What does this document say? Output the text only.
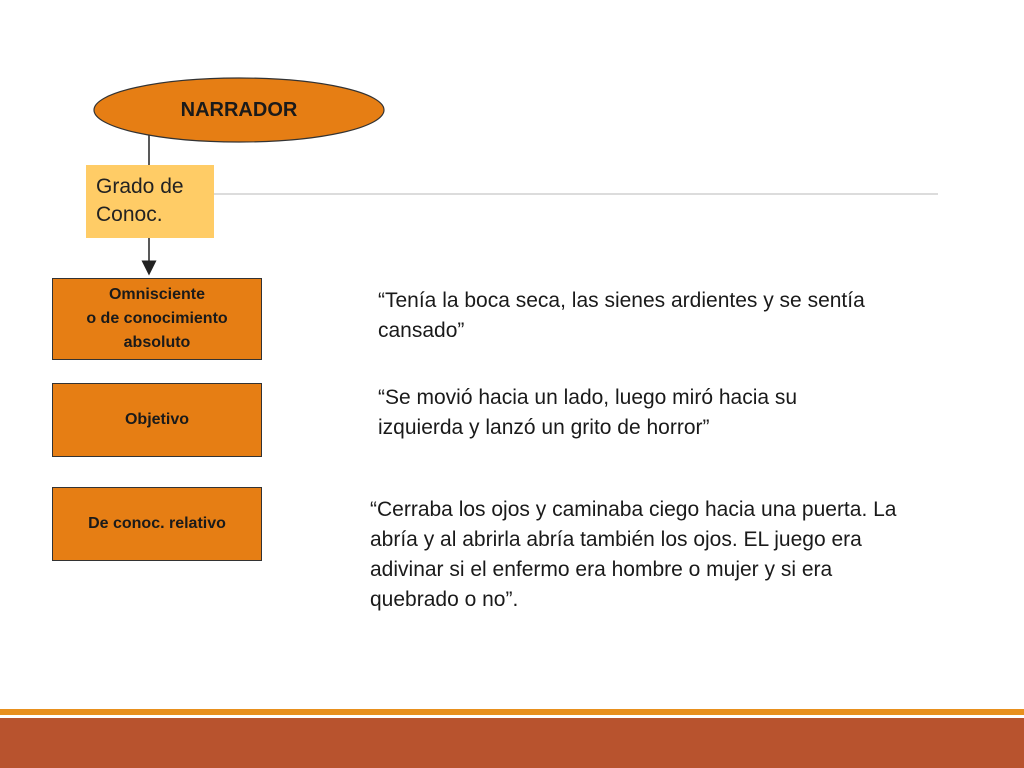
NARRADOR
Grado de Conoc.
Omnisciente
o de conocimiento
absoluto
Objetivo
De conoc. relativo
“Tenía la boca seca, las sienes ardientes y se sentía cansado”
“Se movió hacia un lado, luego miró hacia su izquierda y lanzó un grito de horror”
“Cerraba los ojos y caminaba ciego hacia una puerta. La abría y al abrirla abría también los ojos. EL juego era adivinar si el enfermo era hombre o mujer y si era quebrado o no”.
